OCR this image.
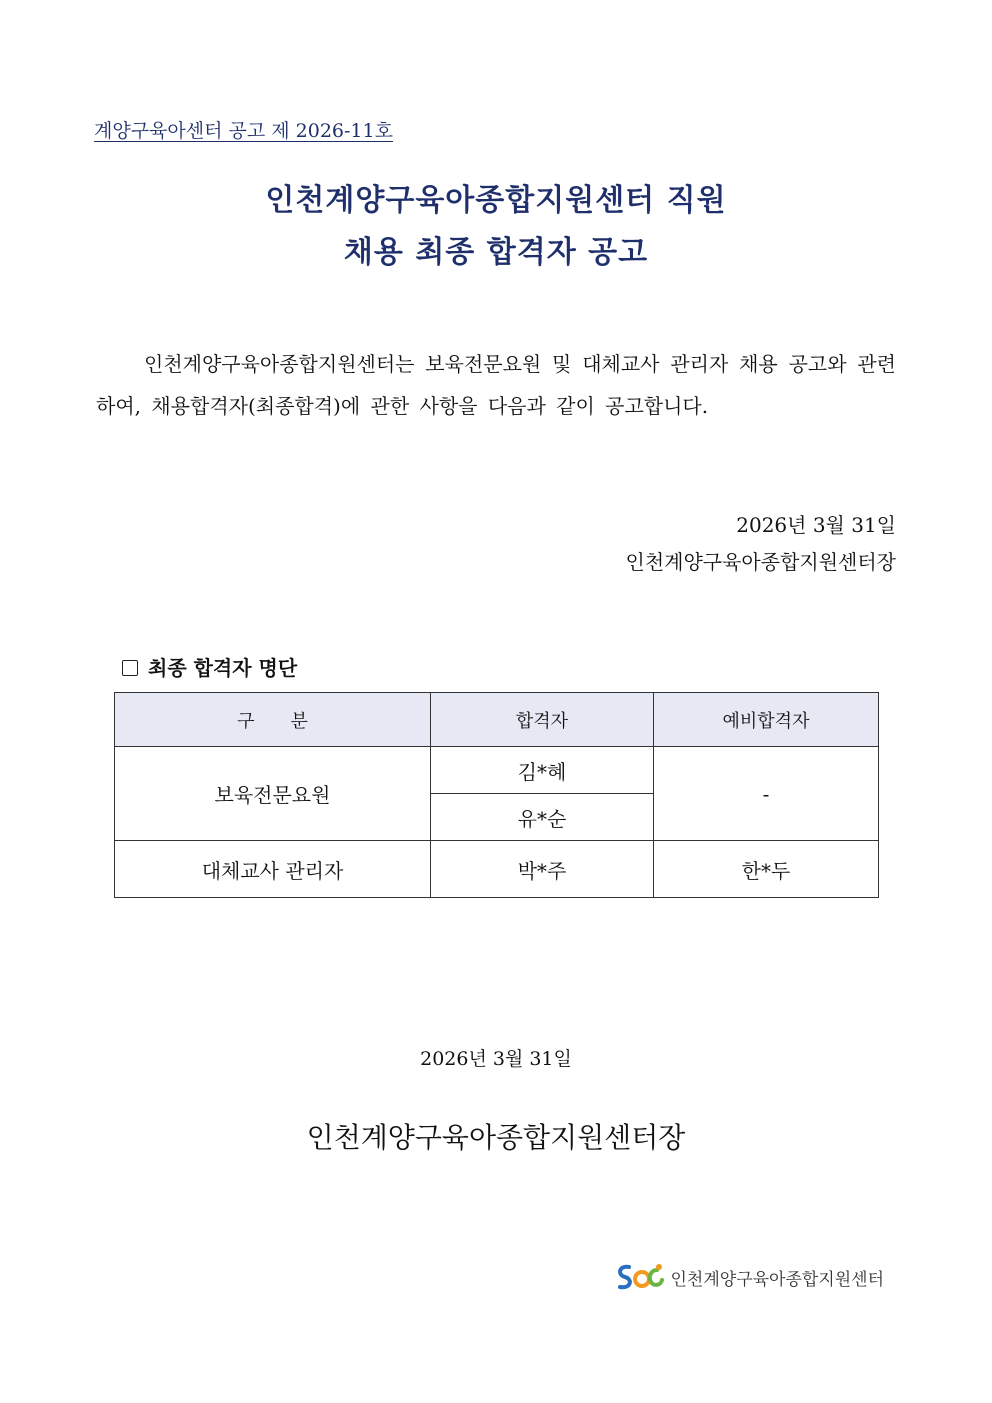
계양구육아센터 공고 제 2026-11호
인천계양구육아종합지원센터 직원
채용 최종 합격자 공고
인천계양구육아종합지원센터는 보육전문요원 및 대체교사 관리자 채용 공고와 관련하여, 채용합격자(최종합격)에 관한 사항을 다음과 같이 공고합니다.
2026년 3월 31일
인천계양구육아종합지원센터장
최종 합격자 명단
구　　분	합격자	예비합격자
보육전문요원	김*혜	-
	유*순	
대체교사 관리자	박*주	한*두
2026년 3월 31일
인천계양구육아종합지원센터장
인천계양구육아종합지원센터
